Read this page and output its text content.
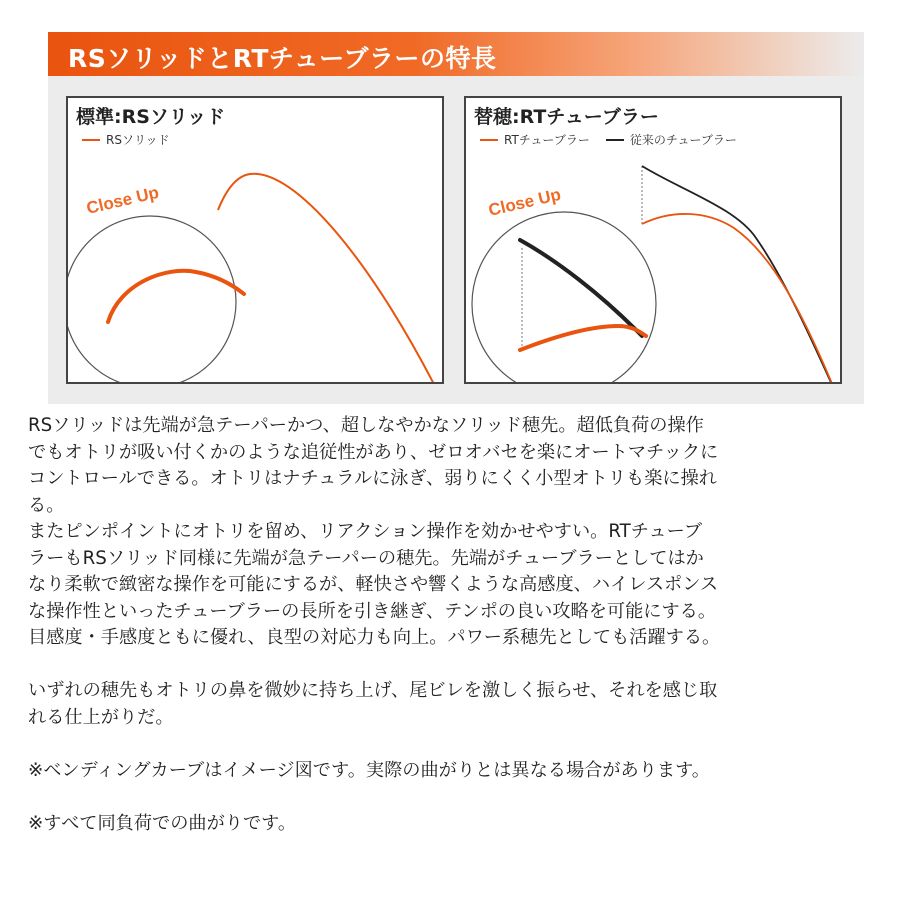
RSソリッドとRTチューブラーの特長
標準:RSソリッド
RSソリッド
Close Up
替穂:RTチューブラー
RTチューブラー	従来のチューブラー
Close Up

RSソリッドは先端が急テーパーかつ、超しなやかなソリッド穂先。超低負荷の操作

でもオトリが吸い付くかのような追従性があり、ゼロオバセを楽にオートマチックに

コントロールできる。オトリはナチュラルに泳ぎ、弱りにくく小型オトリも楽に操れ

る。

またピンポイントにオトリを留め、リアクション操作を効かせやすい。RTチューブ

ラーもRSソリッド同様に先端が急テーパーの穂先。先端がチューブラーとしてはか

なり柔軟で緻密な操作を可能にするが、軽快さや響くような高感度、ハイレスポンス

な操作性といったチューブラーの長所を引き継ぎ、テンポの良い攻略を可能にする。

目感度・手感度ともに優れ、良型の対応力も向上。パワー系穂先としても活躍する。

いずれの穂先もオトリの鼻を微妙に持ち上げ、尾ビレを激しく振らせ、それを感じ取

れる仕上がりだ。

※ベンディングカーブはイメージ図です。実際の曲がりとは異なる場合があります。

※すべて同負荷での曲がりです。
